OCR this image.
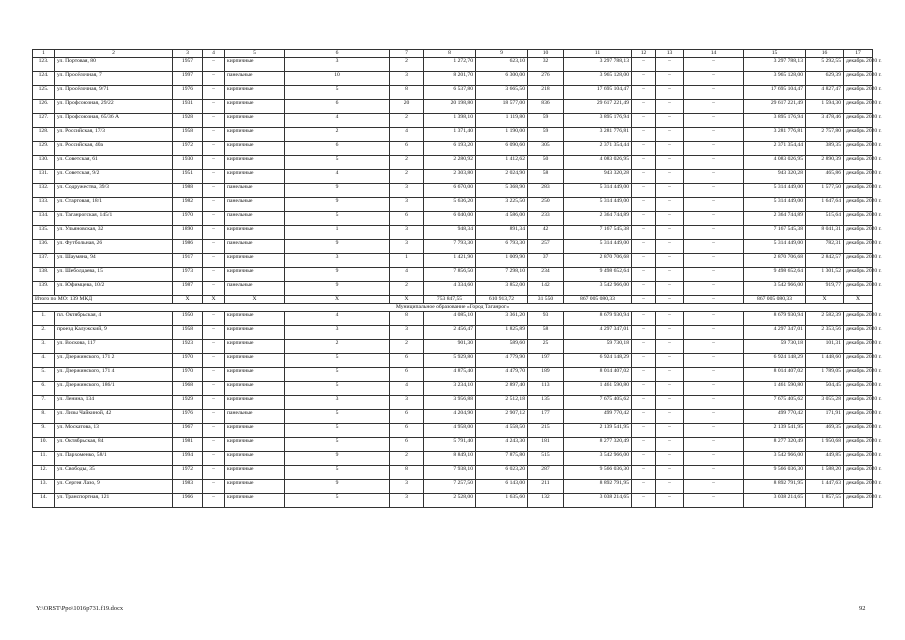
1	2	3	4	5	6	7	8	9	10	11	12	13	14	15	16	17
123.	ул. Портовая, 80	1957	–	кирпичные	3	2	1 272,70	623,10	32	3 297 788,13	–	–	–	3 297 788,13	5 292,55	декабрь 2020 г.
124.	ул. Просёлочная, 7	1997	–	панельные	10	3	8 201,70	6 300,00	276	3 965 128,00	–	–	–	3 965 128,00	629,39	декабрь 2020 г.
125.	ул. Просёлочная, 9/71	1976	–	кирпичные	5	8	6 537,80	3 665,50	218	17 695 104,47	–	–	–	17 695 104,47	4 827,47	декабрь 2020 г.
126.	ул. Профсоюзная, 29/22	1931	–	кирпичные	6	20	20 198,80	18 577,00	836	29 617 221,49	–	–	–	29 617 221,49	1 594,30	декабрь 2020 г.
127.	ул. Профсоюзная, 65/36 А	1928	–	кирпичные	4	2	1 398,10	1 119,80	59	3 895 176,94	–	–	–	3 895 176,94	3 478,46	декабрь 2020 г.
128.	ул. Российская, 17/3	1958	–	кирпичные	2	4	1 371,40	1 190,00	59	3 281 776,81	–	–	–	3 281 776,81	2 757,80	декабрь 2020 г.
129.	ул. Российская, 40а	1972	–	кирпичные	6	6	6 193,20	6 090,60	305	2 371 354,44	–	–	–	2 371 354,44	389,35	декабрь 2020 г.
130.	ул. Советская, 61	1930	–	кирпичные	5	2	2 280,92	1 412,62	50	4 083 026,95	–	–	–	4 083 026,95	2 890,39	декабрь 2020 г.
131.	ул. Советская, 9/2	1951	–	кирпичные	4	2	2 303,80	2 024,90	58	943 320,28	–	–	–	943 320,28	465,86	декабрь 2020 г.
132.	ул. Содружества, 39/3	1988	–	панельные	9	3	6 670,00	5 368,90	283	5 314 449,00	–	–	–	5 314 449,00	1 577,50	декабрь 2020 г.
133.	ул. Стартовая, 18/1	1982	–	панельные	9	3	5 636,20	3 225,50	250	5 314 449,00	–	–	–	5 314 449,00	1 647,64	декабрь 2020 г.
134.	ул. Таганрогская, 145/1	1970	–	панельные	5	6	6 040,00	4 586,00	233	2 364 744,89	–	–	–	2 364 744,89	515,64	декабрь 2020 г.
135.	ул. Ульяновская, 32	1890	–	кирпичные	1	3	948,34	891,34	42	7 167 545,38	–	–	–	7 167 545,38	8 041,31	декабрь 2020 г.
136.	ул. Футбольная, 26	1986	–	панельные	9	3	7 793,30	6 793,30	257	5 314 449,00	–	–	–	5 314 449,00	782,31	декабрь 2020 г.
137.	ул. Шаумяна, 94	1917	–	кирпичные	3	1	1 421,90	1 009,90	37	2 870 706,68	–	–	–	2 870 706,68	2 842,57	декабрь 2020 г.
138.	ул. Шеболдаева, 15	1973	–	кирпичные	9	4	7 856,50	7 298,10	234	9 498 652,64	–	–	–	9 498 652,64	1 301,52	декабрь 2020 г.
139.	ул. Юфимцева, 10/2	1987	–	панельные	9	2	4 334,60	3 852,00	142	3 542 966,00	–	–	–	3 542 966,00	919,77	декабрь 2020 г.
Итого по МО: 139 МКД		Х	Х	Х	Х	Х	753 847,55	610 913,72	31 550	867 005 080,33	–	–	–	867 005 080,33	Х	Х
Муниципальное образование «Город Таганрог»																
1.	пл. Октябрьская, 4	1950	–	кирпичные	4	8	4 085,10	3 361,20	93	8 679 930,94	–	–	–	8 679 930,94	2 582,39	декабрь 2020 г.
2.	проезд Калужский, 9	1958	–	кирпичные	3	3	2 456,47	1 825,89	58	4 297 347,01	–	–	–	4 297 347,01	2 353,56	декабрь 2020 г.
3.	ул. Воскова, 117	1923	–	кирпичные	2	2	901,30	589,60	25	59 730,18	–	–	–	59 730,18	101,31	декабрь 2020 г.
4.	ул. Дзержинского, 171 2	1970	–	кирпичные	5	6	5 929,80	4 779,90	197	6 924 148,29	–	–	–	6 924 148,29	1 448,60	декабрь 2020 г.
5.	ул. Дзержинского, 171 4	1970	–	кирпичные	5	6	4 875,40	4 479,70	189	8 014 407,02	–	–	–	8 014 407,02	1 789,05	декабрь 2020 г.
6.	ул. Дзержинского, 186/1	1968	–	кирпичные	5	4	3 234,10	2 897,40	113	1 461 590,80	–	–	–	1 461 590,80	504,45	декабрь 2020 г.
7.	ул. Ленина, 134	1929	–	кирпичные	3	3	3 956,88	2 512,18	135	7 675 405,62	–	–	–	7 675 405,62	3 055,28	декабрь 2020 г.
8.	ул. Лизы Чайкиной, 42	1976	–	панельные	5	6	4 204,90	2 907,12	177	499 770,42	–	–	–	499 770,42	171,91	декабрь 2020 г.
9.	ул. Москатова, 13	1967	–	кирпичные	5	6	4 958,00	4 558,50	215	2 139 541,95	–	–	–	2 139 541,95	469,35	декабрь 2020 г.
10.	ул. Октябрьская, 84	1981	–	кирпичные	5	6	5 791,40	4 243,30	181	8 277 320,49	–	–	–	8 277 320,49	1 950,68	декабрь 2020 г.
11.	ул. Пархоменко, 58/1	1994	–	кирпичные	9	2	8 849,10	7 875,80	515	3 542 966,00	–	–	–	3 542 966,00	449,85	декабрь 2020 г.
12.	ул. Свободы, 35	1972	–	кирпичные	5	8	7 938,10	6 023,20	287	9 566 036,30	–	–	–	9 566 036,30	1 588,20	декабрь 2020 г.
13.	ул. Сергея Лазо, 9	1983	–	кирпичные	9	3	7 257,50	6 143,00	211	8 892 791,95	–	–	–	8 892 791,95	1 447,63	декабрь 2020 г.
14.	ул. Транспортная, 121	1966	–	кирпичные	5	3	2 528,00	1 635,60	132	3 038 214,65	–	–	–	3 038 214,65	1 857,55	декабрь 2020 г.
Y:\ORST\Ppo\1016p731.f19.docx	92
